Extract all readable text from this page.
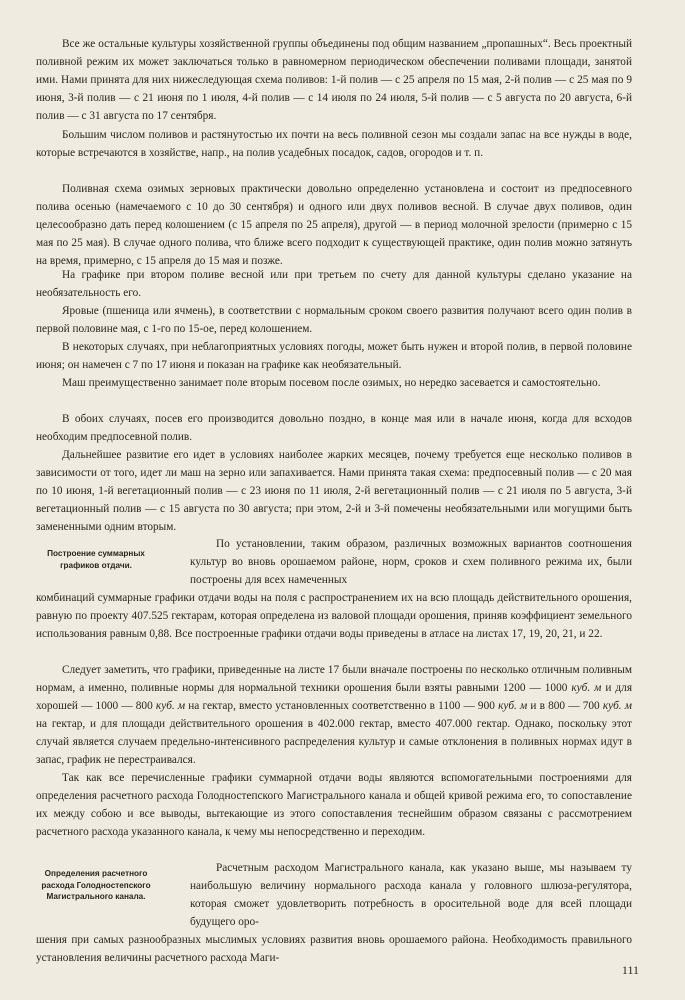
Все же остальные культуры хозяйственной группы объединены под общим названием „пропашных“. Весь проектный поливной режим их может заключаться только в равномерном периодическом обеспечении поливами площади, занятой ими. Нами принята для них нижеследующая схема поливов: 1-й полив — с 25 апреля по 15 мая, 2-й полив — с 25 мая по 9 июня, 3-й полив — с 21 июня по 1 июля, 4-й полив — с 14 июля по 24 июля, 5-й полив — с 5 августа по 20 августа, 6-й полив — с 31 августа по 17 сентября.

Большим числом поливов и растянутостью их почти на весь поливной сезон мы создали запас на все нужды в воде, которые встречаются в хозяйстве, напр., на полив усадебных посадок, садов, огородов и т. п.

Поливная схема озимых зерновых практически довольно определенно установлена и состоит из предпосевного полива осенью (намечаемого с 10 до 30 сентября) и одного или двух поливов весной. В случае двух поливов, один целесообразно дать перед колошением (с 15 апреля по 25 апреля), другой — в период молочной зрелости (примерно с 15 мая по 25 мая). В случае одного полива, что ближе всего подходит к существующей практике, один полив можно затянуть на время, примерно, с 15 апреля до 15 мая и позже.

На графике при втором поливе весной или при третьем по счету для данной культуры сделано указание на необязательность его.

Яровые (пшеница или ячмень), в соответствии с нормальным сроком своего развития получают всего один полив в первой половине мая, с 1-го по 15-ое, перед колошением.

В некоторых случаях, при неблагоприятных условиях погоды, может быть нужен и второй полив, в первой половине июня; он намечен с 7 по 17 июня и показан на графике как необязательный.

Маш преимущественно занимает поле вторым посевом после озимых, но нередко засевается и самостоятельно.

В обоих случаях, посев его производится довольно поздно, в конце мая или в начале июня, когда для всходов необходим предпосевной полив.

Дальнейшее развитие его идет в условиях наиболее жарких месяцев, почему требуется еще несколько поливов в зависимости от того, идет ли маш на зерно или запахивается. Нами принята такая схема: предпосевный полив — с 20 мая по 10 июня, 1-й вегетационный полив — с 23 июня по 11 июля, 2-й вегетационный полив — с 21 июля по 5 августа, 3-й вегетационный полив — с 15 августа по 30 августа; при этом, 2-й и 3-й помечены необязательными или могущими быть замененными одним вторым.

Построение суммарных графиков отдачи.

По установлении, таким образом, различных возможных вариантов соотношения культур во вновь орошаемом районе, норм, сроков и схем поливного режима их, были построены для всех намеченных

комбинаций суммарные графики отдачи воды на поля с распространением их на всю площадь действительного орошения, равную по проекту 407.525 гектарам, которая определена из валовой площади орошения, приняв коэффициент земельного использования равным 0,88. Все построенные графики отдачи воды приведены в атласе на листах 17, 19, 20, 21, и 22.

Следует заметить, что графики, приведенные на листе 17 были вначале построены по несколько отличным поливным нормам, а именно, поливные нормы для нормальной техники орошения были взяты равными 1200 — 1000 куб. м и для хорошей — 1000 — 800 куб. м на гектар, вместо установленных соответственно в 1100 — 900 куб. м и в 800 — 700 куб. м на гектар, и для площади действительного орошения в 402.000 гектар, вместо 407.000 гектар. Однако, поскольку этот случай является случаем предельно-интенсивного распределения культур и самые отклонения в поливных нормах идут в запас, график не перестраивался.

Так как все перечисленные графики суммарной отдачи воды являются вспомогательными построениями для определения расчетного расхода Голодностепского Магистрального канала и общей кривой режима его, то сопоставление их между собою и все выводы, вытекающие из этого сопоставления теснейшим образом связаны с рассмотрением расчетного расхода указанного канала, к чему мы непосредственно и переходим.

Определения расчетного расхода Голодностепского Магистрального канала.

Расчетным расходом Магистрального канала, как указано выше, мы называем ту наибольшую величину нормального расхода канала у головного шлюза-регулятора, которая сможет удовлетворить потребность в оросительной воде для всей площади будущего оро-

шения при самых разнообразных мыслимых условиях развития вновь орошаемого района. Необходимость правильного установления величины расчетного расхода Маги-

111
